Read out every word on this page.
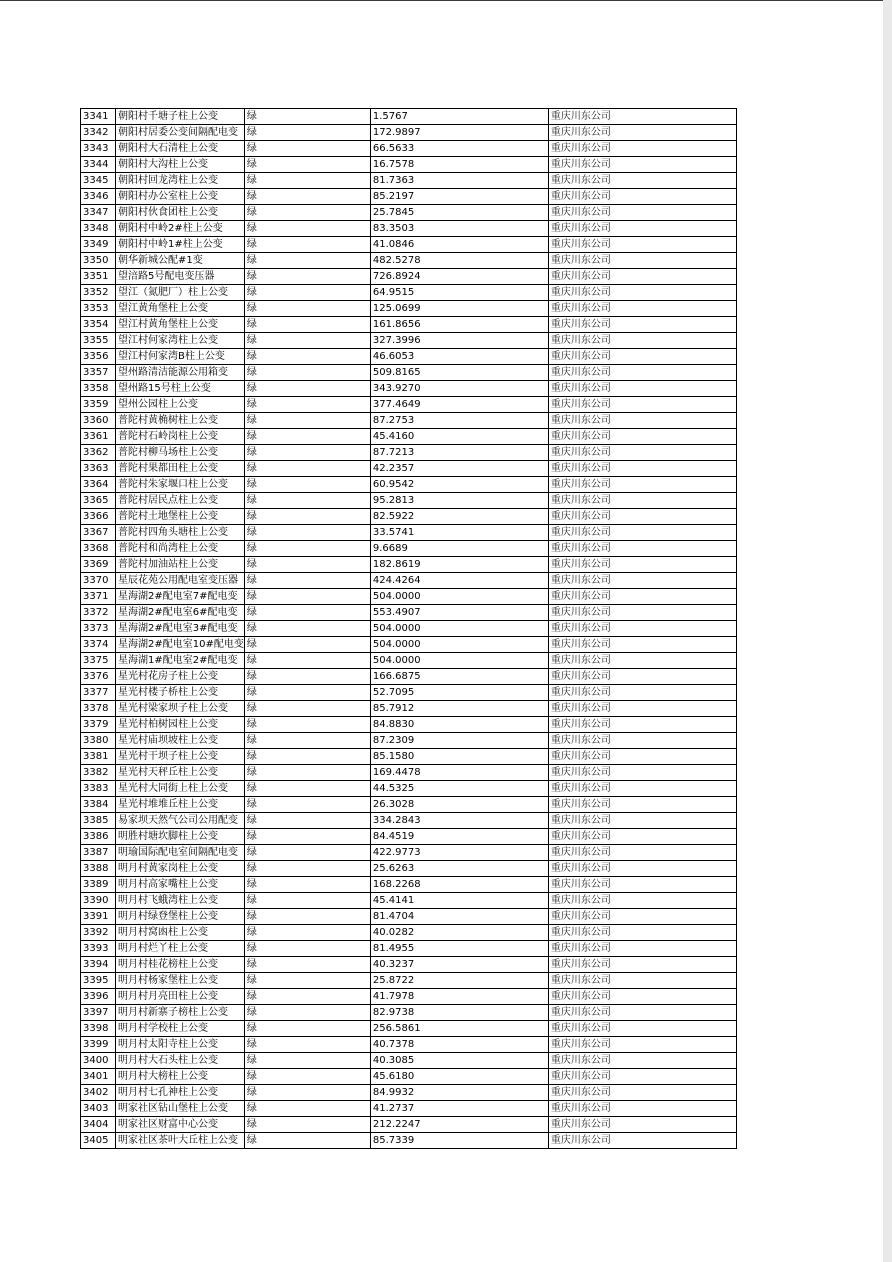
3341	朝阳村千塘子柱上公变	绿	1.5767	重庆川东公司
3342	朝阳村居委公变间隔配电变	绿	172.9897	重庆川东公司
3343	朝阳村大石清柱上公变	绿	66.5633	重庆川东公司
3344	朝阳村大沟柱上公变	绿	16.7578	重庆川东公司
3345	朝阳村回龙湾柱上公变	绿	81.7363	重庆川东公司
3346	朝阳村办公室柱上公变	绿	85.2197	重庆川东公司
3347	朝阳村伙食团柱上公变	绿	25.7845	重庆川东公司
3348	朝阳村中岭2#柱上公变	绿	83.3503	重庆川东公司
3349	朝阳村中岭1#柱上公变	绿	41.0846	重庆川东公司
3350	朝华新城公配#1变	绿	482.5278	重庆川东公司
3351	望涪路5号配电变压器	绿	726.8924	重庆川东公司
3352	望江（氮肥厂）柱上公变	绿	64.9515	重庆川东公司
3353	望江黄角堡柱上公变	绿	125.0699	重庆川东公司
3354	望江村黄角堡柱上公变	绿	161.8656	重庆川东公司
3355	望江村何家湾柱上公变	绿	327.3996	重庆川东公司
3356	望江村何家湾B柱上公变	绿	46.6053	重庆川东公司
3357	望州路清洁能源公用箱变	绿	509.8165	重庆川东公司
3358	望州路15号柱上公变	绿	343.9270	重庆川东公司
3359	望州公园柱上公变	绿	377.4649	重庆川东公司
3360	普陀村黄桷树柱上公变	绿	87.2753	重庆川东公司
3361	普陀村石岭岗柱上公变	绿	45.4160	重庆川东公司
3362	普陀村柳马场柱上公变	绿	87.7213	重庆川东公司
3363	普陀村果都田柱上公变	绿	42.2357	重庆川东公司
3364	普陀村朱家堰口柱上公变	绿	60.9542	重庆川东公司
3365	普陀村居民点柱上公变	绿	95.2813	重庆川东公司
3366	普陀村土地堡柱上公变	绿	82.5922	重庆川东公司
3367	普陀村四角头塘柱上公变	绿	33.5741	重庆川东公司
3368	普陀村和尚湾柱上公变	绿	9.6689	重庆川东公司
3369	普陀村加油站柱上公变	绿	182.8619	重庆川东公司
3370	星辰花苑公用配电室变压器	绿	424.4264	重庆川东公司
3371	星海湖2#配电室7#配电变	绿	504.0000	重庆川东公司
3372	星海湖2#配电室6#配电变	绿	553.4907	重庆川东公司
3373	星海湖2#配电室3#配电变	绿	504.0000	重庆川东公司
3374	星海湖2#配电室10#配电变	绿	504.0000	重庆川东公司
3375	星海湖1#配电室2#配电变	绿	504.0000	重庆川东公司
3376	星光村花房子柱上公变	绿	166.6875	重庆川东公司
3377	星光村楼子桥柱上公变	绿	52.7095	重庆川东公司
3378	星光村梁家坝子柱上公变	绿	85.7912	重庆川东公司
3379	星光村柏树园柱上公变	绿	84.8830	重庆川东公司
3380	星光村庙坝坡柱上公变	绿	87.2309	重庆川东公司
3381	星光村干坝子柱上公变	绿	85.1580	重庆川东公司
3382	星光村天秤丘柱上公变	绿	169.4478	重庆川东公司
3383	星光村大同街上柱上公变	绿	44.5325	重庆川东公司
3384	星光村堆堆丘柱上公变	绿	26.3028	重庆川东公司
3385	易家坝天然气公司公用配变	绿	334.2843	重庆川东公司
3386	明胜村塘坎脚柱上公变	绿	84.4519	重庆川东公司
3387	明瑜国际配电室间隔配电变	绿	422.9773	重庆川东公司
3388	明月村黄家岗柱上公变	绿	25.6263	重庆川东公司
3389	明月村高家嘴柱上公变	绿	168.2268	重庆川东公司
3390	明月村飞蛾湾柱上公变	绿	45.4141	重庆川东公司
3391	明月村绿登堡柱上公变	绿	81.4704	重庆川东公司
3392	明月村窝凼柱上公变	绿	40.0282	重庆川东公司
3393	明月村烂丫柱上公变	绿	81.4955	重庆川东公司
3394	明月村桂花榜柱上公变	绿	40.3237	重庆川东公司
3395	明月村杨家堡柱上公变	绿	25.8722	重庆川东公司
3396	明月村月亮田柱上公变	绿	41.7978	重庆川东公司
3397	明月村新寨子榜柱上公变	绿	82.9738	重庆川东公司
3398	明月村学校柱上公变	绿	256.5861	重庆川东公司
3399	明月村太阳寺柱上公变	绿	40.7378	重庆川东公司
3400	明月村大石头柱上公变	绿	40.3085	重庆川东公司
3401	明月村大榜柱上公变	绿	45.6180	重庆川东公司
3402	明月村七孔神柱上公变	绿	84.9932	重庆川东公司
3403	明家社区钻山堡柱上公变	绿	41.2737	重庆川东公司
3404	明家社区财富中心公变	绿	212.2247	重庆川东公司
3405	明家社区茶叶大丘柱上公变	绿	85.7339	重庆川东公司
